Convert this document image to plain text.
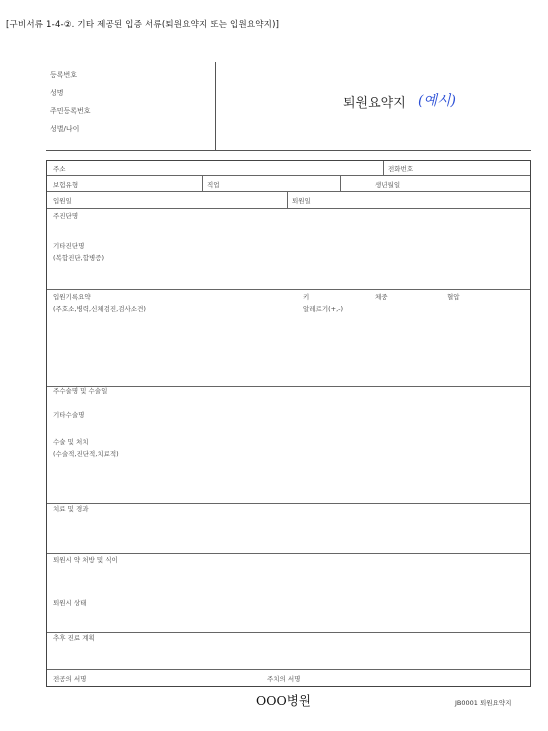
[구비서류 1-4-②. 기타 제공된 입증 서류(퇴원요약지 또는 입원요약지)]
등록번호
성명
주민등록번호
성별/나이
퇴원요약지 (예시)
주소	전화번호
보험유형	직업	생년월일
입원일	퇴원일
주진단명
기타진단명
(복합진단,합병증)
입원기록요약
(주호소,병력,신체검진,검사소견)
키	체중	혈압
알레르기(+,-)
주수술명 및 수술일
기타수술명
수술 및 처치
(수술적,진단적,치료적)
치료 및 경과
퇴원시 약 처방 및 식이
퇴원시 상태
추후 진료 계획
전공의 서명	주치의 서명
OOO병원	JB0001 퇴원요약지
